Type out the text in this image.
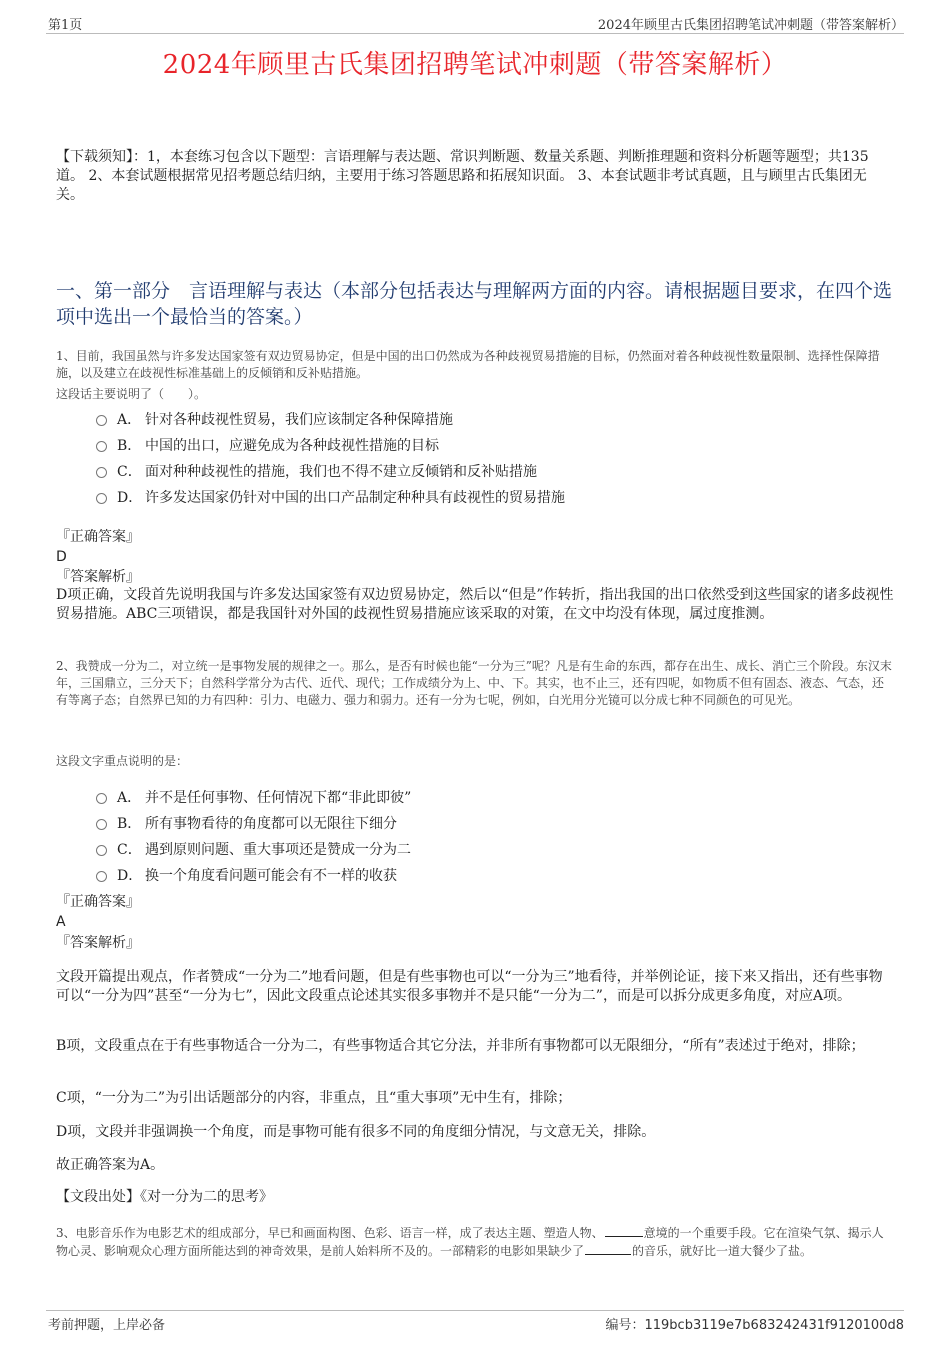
第1页	2024年顾里古氏集团招聘笔试冲刺题（带答案解析）
2024年顾里古氏集团招聘笔试冲刺题（带答案解析）
【下载须知】：1，本套练习包含以下题型：言语理解与表达题、常识判断题、数量关系题、判断推理题和资料分析题等题型；共135道。 2、本套试题根据常见招考题总结归纳，主要用于练习答题思路和拓展知识面。 3、本套试题非考试真题，且与顾里古氏集团无关。
一、第一部分　言语理解与表达（本部分包括表达与理解两方面的内容。请根据题目要求，在四个选项中选出一个最恰当的答案。）
1、目前，我国虽然与许多发达国家签有双边贸易协定，但是中国的出口仍然成为各种歧视贸易措施的目标，仍然面对着各种歧视性数量限制、选择性保障措施，以及建立在歧视性标准基础上的反倾销和反补贴措施。
这段话主要说明了（　　）。
A． 针对各种歧视性贸易，我们应该制定各种保障措施
B． 中国的出口，应避免成为各种歧视性措施的目标
C． 面对种种歧视性的措施，我们也不得不建立反倾销和反补贴措施
D． 许多发达国家仍针对中国的出口产品制定种种具有歧视性的贸易措施
『正确答案』
D
『答案解析』
D项正确，文段首先说明我国与许多发达国家签有双边贸易协定，然后以“但是”作转折，指出我国的出口依然受到这些国家的诸多歧视性贸易措施。ABC三项错误，都是我国针对外国的歧视性贸易措施应该采取的对策，在文中均没有体现，属过度推测。
2、我赞成一分为二，对立统一是事物发展的规律之一。那么，是否有时候也能“一分为三”呢？凡是有生命的东西，都存在出生、成长、消亡三个阶段。东汉末年，三国鼎立，三分天下；自然科学常分为古代、近代、现代；工作成绩分为上、中、下。其实，也不止三，还有四呢，如物质不但有固态、液态、气态，还有等离子态；自然界已知的力有四种：引力、电磁力、强力和弱力。还有一分为七呢，例如，白光用分光镜可以分成七种不同颜色的可见光。
这段文字重点说明的是：
A． 并不是任何事物、任何情况下都“非此即彼”
B． 所有事物看待的角度都可以无限往下细分
C． 遇到原则问题、重大事项还是赞成一分为二
D． 换一个角度看问题可能会有不一样的收获
『正确答案』
A
『答案解析』
文段开篇提出观点，作者赞成“一分为二”地看问题，但是有些事物也可以“一分为三”地看待，并举例论证，接下来又指出，还有些事物可以“一分为四”甚至“一分为七”，因此文段重点论述其实很多事物并不是只能“一分为二”，而是可以拆分成更多角度，对应A项。
B项，文段重点在于有些事物适合一分为二，有些事物适合其它分法，并非所有事物都可以无限细分，“所有”表述过于绝对，排除；
C项，“一分为二”为引出话题部分的内容，非重点，且“重大事项”无中生有，排除；
D项，文段并非强调换一个角度，而是事物可能有很多不同的角度细分情况，与文意无关，排除。
故正确答案为A。
【文段出处】《对一分为二的思考》
3、电影音乐作为电影艺术的组成部分，早已和画面构图、色彩、语言一样，成了表达主题、塑造人物、	意境的一个重要手段。它在渲染气氛、揭示人物心灵、影响观众心理方面所能达到的神奇效果，是前人始料所不及的。一部精彩的电影如果缺少了	的音乐，就好比一道大餐少了盐。
考前押题，上岸必备	编号：119bcb3119e7b683242431f9120100d8
